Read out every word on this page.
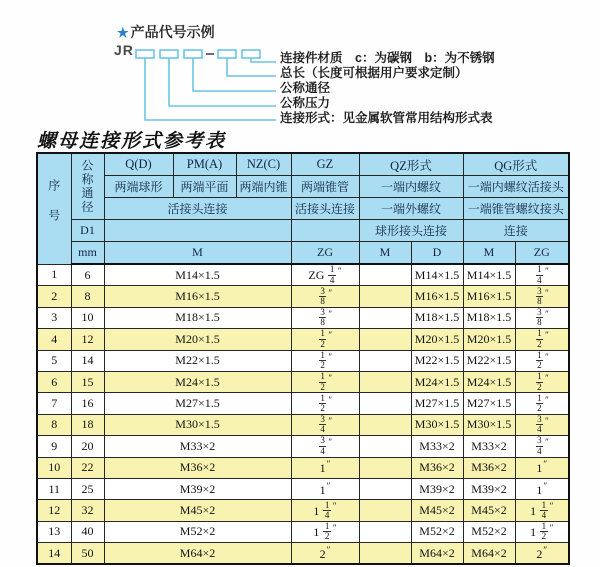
★ 产品代号示例
JR	连接件材质　c：为碳钢　b：为不锈钢
总长（长度可根据用户要求定制）
公称通径
公称压力
连接形式：见金属软管常用结构形式表
螺母连接形式参考表
序号	公称通径	Q(D)	PM(A)	NZ(C)	GZ	QZ形式		QG形式	
		两端球形	两端平面	两端内锥	两端锥管	一端内螺纹		一端内螺纹活接头	
		活接头连接			活接头连接	一端外螺纹		一端锥管螺纹接头	
	D1					球形接头连接		连接	
	mm	M			ZG	M	D	M	ZG
1	6	M14×1.5			ZG $\frac{1}{4} ''$		M14×1.5	M14×1.5	$\frac{1}{4} ''$
2	8	M16×1.5			$\frac{3}{8} ''$		M16×1.5	M16×1.5	$\frac{3}{8} ''$
3	10	M18×1.5			$\frac{3}{8} ''$		M18×1.5	M18×1.5	$\frac{3}{8} ''$
4	12	M20×1.5			$\frac{1}{2} ''$		M20×1.5	M20×1.5	$\frac{1}{2} ''$
5	14	M22×1.5			$\frac{1}{2} ''$		M22×1.5	M22×1.5	$\frac{1}{2} ''$
6	15	M24×1.5			$\frac{1}{2} ''$		M24×1.5	M24×1.5	$\frac{1}{2} ''$
7	16	M27×1.5			$\frac{1}{2} ''$		M27×1.5	M27×1.5	$\frac{1}{2} ''$
8	18	M30×1.5			$\frac{3}{4} ''$		M30×1.5	M30×1.5	$\frac{3}{4} ''$
9	20	M33×2			$\frac{3}{4} ''$		M33×2	M33×2	$\frac{3}{4} ''$
10	22	M36×2			1″		M36×2	M36×2	1″
11	25	M39×2			1″		M39×2	M39×2	1″
12	32	M45×2			$1 \frac{1}{4} ''$		M45×2	M45×2	$1 \frac{1}{4} ''$
13	40	M52×2			$1 \frac{1}{2} ''$		M52×2	M52×2	$1 \frac{1}{2} ''$
14	50	M64×2			2″		M64×2	M64×2	2″
